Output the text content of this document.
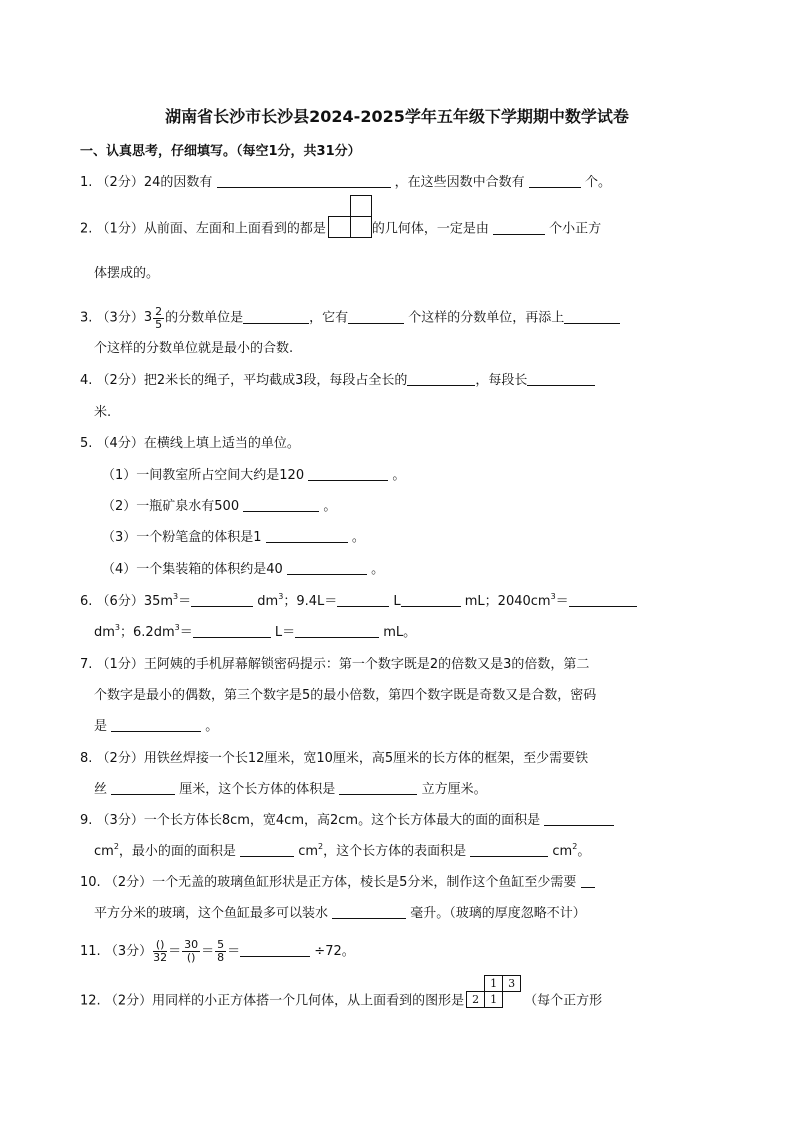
湖南省长沙市长沙县2024-2025学年五年级下学期期中数学试卷
一、认真思考，仔细填写。（每空1分，共31分）
1. （2分）24的因数有	，在这些因数中合数有	个。
2. （1分）从前面、左面和上面看到的都是	的几何体，一定是由	个小正方
体摆成的。
3. （3分）$3 \frac{2}{5}$ 的分数单位是	，它有	个这样的分数单位，再添上
个这样的分数单位就是最小的合数.
4. （2分）把2米长的绳子，平均截成3段，每段占全长的	，每段长
米.
5. （4分）在横线上填上适当的单位。
（1）一间教室所占空间大约是120	。
（2）一瓶矿泉水有500	。
（3）一个粉笔盒的体积是1	。
（4）一个集装箱的体积约是40	。
6. （6分）$35m^3=$	$dm^3$；9.4L＝	L	mL；$2040cm^3=$
$dm^3$；$6.2dm^3=$	L＝	mL。
7. （1分）王阿姨的手机屏幕解锁密码提示：第一个数字既是2的倍数又是3的倍数，第二
个数字是最小的偶数，第三个数字是5的最小倍数，第四个数字既是奇数又是合数，密码
是	。
8. （2分）用铁丝焊接一个长12厘米，宽10厘米，高5厘米的长方体的框架，至少需要铁
丝	厘米，这个长方体的体积是	立方厘米。
9. （3分）一个长方体长8cm，宽4cm，高2cm。这个长方体最大的面的面积是
$cm^2$，最小的面的面积是	$cm^2$，这个长方体的表面积是	$cm^2$。
10. （2分）一个无盖的玻璃鱼缸形状是正方体，棱长是5分米，制作这个鱼缸至少需要
平方分米的玻璃，这个鱼缸最多可以装水	毫升。（玻璃的厚度忽略不计）
11. （3分） $\frac{()}{32} = \frac{30}{()} = \frac{5}{8}$ ＝	÷72。
12. （2分）用同样的小正方体搭一个几何体，从上面看到的图形是
1	3
2	1	（每个正方形
